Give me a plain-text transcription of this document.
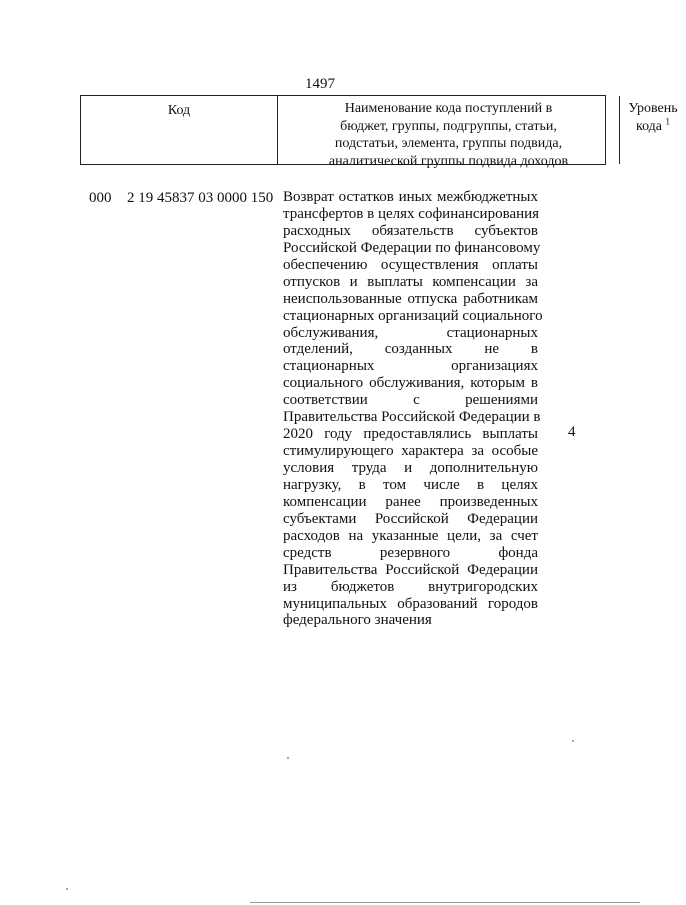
1497
Код	Наименование кода поступлений в
бюджет, группы, подгруппы, статьи,
подстатьи, элемента, группы подвида,
аналитической группы подвида доходов
Уровень
кода $^1$
000 2 19 45837 03 0000 150 Возврат остатков иных межбюджетных
трансфертов в целях софинансирования
расходных обязательств субъектов
Российской Федерации по финансовому
обеспечению осуществления оплаты
отпусков и выплаты компенсации за
неиспользованные отпуска работникам
стационарных организаций социального
обслуживания, стационарных
отделений, созданных не в
стационарных организациях
социального обслуживания, которым в
соответствии с решениями
Правительства Российской Федерации в
2020 году предоставлялись выплаты
стимулирующего характера за особые
условия труда и дополнительную
нагрузку, в том числе в целях
компенсации ранее произведенных
субъектами Российской Федерации
расходов на указанные цели, за счет
средств резервного фонда
Правительства Российской Федерации
из бюджетов внутригородских
муниципальных образований городов
федерального значения
4
